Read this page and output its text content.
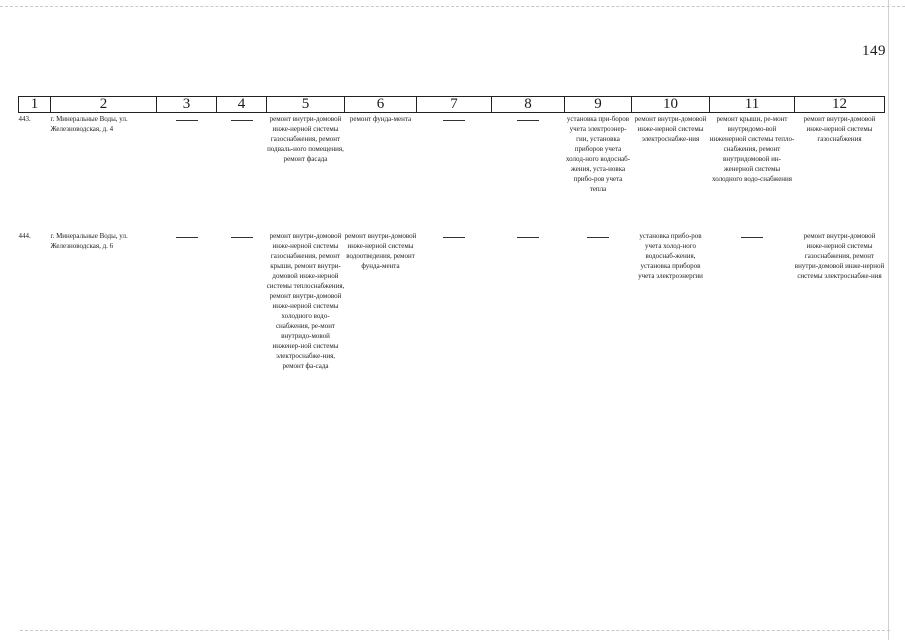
149
1	2	3	4	5	6	7	8	9	10	11	12
443.	г. Минеральные Воды, ул. Железноводская, д. 4			ремонт внутри-домовой инже-нерной системы газоснабжения, ремонт подваль-ного помещения, ремонт фасада	ремонт фунда-мента			установка при-боров учета электроэнер-гии, установка приборов учета холод-ного водоснаб-жения, уста-новка прибо-ров учета тепла	ремонт внутри-домовой инже-нерной системы электроснабже-ния	ремонт крыши, ре-монт внутридомо-вой инженерной системы тепло-снабжения, ремонт внутридомовой ин-женерной системы холодного водо-снабжения	ремонт внутри-домовой инже-нерной системы газоснабжения
444.	г. Минеральные Воды, ул. Железноводская, д. 6			ремонт внутри-домовой инже-нерной системы газоснабжения, ремонт крыши, ремонт внутри-домовой инже-нерной системы теплоснабжения, ремонт внутри-домовой инже-нерной системы холодного водо-снабжения, ре-монт внутридо-мовой инженер-ной системы электроснабже-ния, ремонт фа-сада	ремонт внутри-домовой инже-нерной системы водоотведения, ремонт фунда-мента				установка прибо-ров учета холод-ного водоснаб-жения, установка приборов учета электроэнергии		ремонт внутри-домовой инже-нерной системы газоснабжения, ремонт внутри-домовой инже-нерной системы электроснабже-ния
